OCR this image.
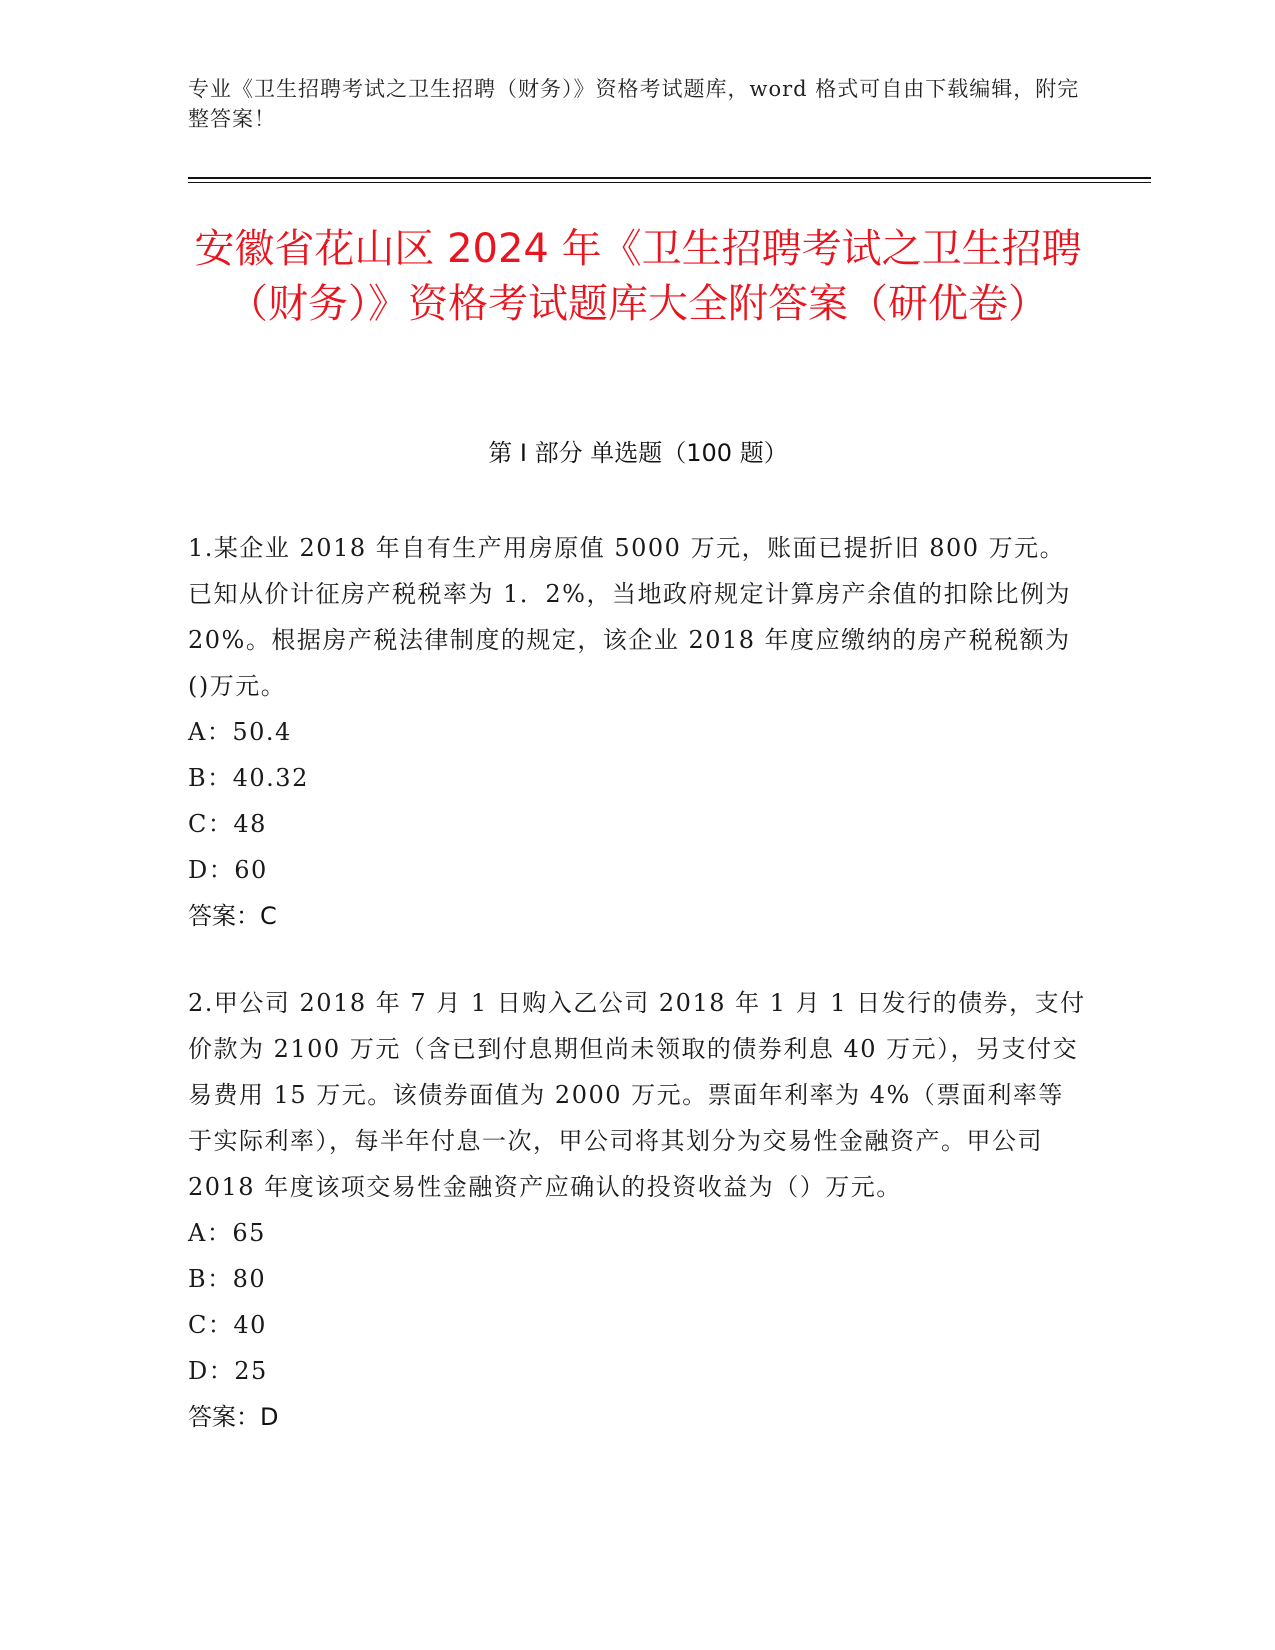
专业《卫生招聘考试之卫生招聘（财务）》资格考试题库，word 格式可自由下载编辑，附完整答案！
安徽省花山区 2024 年《卫生招聘考试之卫生招聘（财务）》资格考试题库大全附答案（研优卷）
第 I 部分 单选题（100 题）

1.某企业 2018 年自有生产用房原值 5000 万元，账面已提折旧 800 万元。已知从价计征房产税税率为 1．2%，当地政府规定计算房产余值的扣除比例为 20%。根据房产税法律制度的规定，该企业 2018 年度应缴纳的房产税税额为()万元。

A：50.4
B：40.32
C：48
D：60
答案：C

2.甲公司 2018 年 7 月 1 日购入乙公司 2018 年 1 月 1 日发行的债券，支付价款为 2100 万元（含已到付息期但尚未领取的债券利息 40 万元），另支付交易费用 15 万元。该债券面值为 2000 万元。票面年利率为 4%（票面利率等于实际利率），每半年付息一次，甲公司将其划分为交易性金融资产。甲公司 2018 年度该项交易性金融资产应确认的投资收益为（）万元。

A：65
B：80
C：40
D：25
答案：D
